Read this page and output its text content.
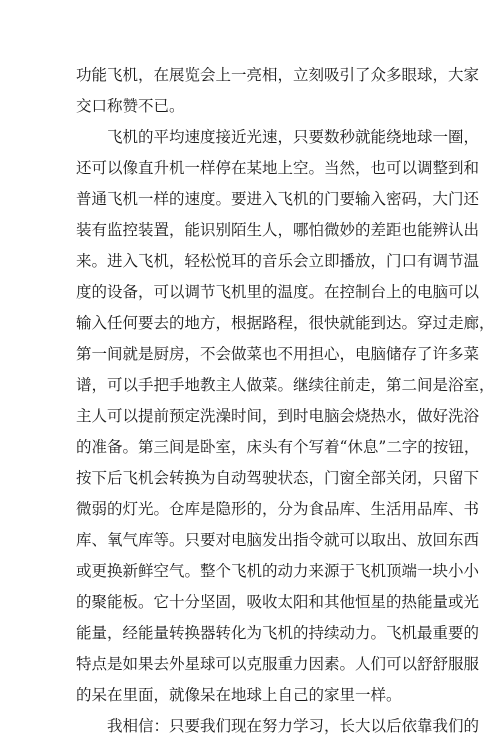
功能飞机，在展览会上一亮相，立刻吸引了众多眼球，大家
交口称赞不已。
飞机的平均速度接近光速，只要数秒就能绕地球一圈，
还可以像直升机一样停在某地上空。当然，也可以调整到和
普通飞机一样的速度。要进入飞机的门要输入密码，大门还
装有监控装置，能识别陌生人，哪怕微妙的差距也能辨认出
来。进入飞机，轻松悦耳的音乐会立即播放，门口有调节温
度的设备，可以调节飞机里的温度。在控制台上的电脑可以
输入任何要去的地方，根据路程，很快就能到达。穿过走廊，
第一间就是厨房，不会做菜也不用担心，电脑储存了许多菜
谱，可以手把手地教主人做菜。继续往前走，第二间是浴室，
主人可以提前预定洗澡时间，到时电脑会烧热水，做好洗浴
的准备。第三间是卧室，床头有个写着“休息”二字的按钮，
按下后飞机会转换为自动驾驶状态，门窗全部关闭，只留下
微弱的灯光。仓库是隐形的，分为食品库、生活用品库、书
库、氧气库等。只要对电脑发出指令就可以取出、放回东西
或更换新鲜空气。整个飞机的动力来源于飞机顶端一块小小
的聚能板。它十分坚固，吸收太阳和其他恒星的热能量或光
能量，经能量转换器转化为飞机的持续动力。飞机最重要的
特点是如果去外星球可以克服重力因素。人们可以舒舒服服
的呆在里面，就像呆在地球上自己的家里一样。
我相信：只要我们现在努力学习，长大以后依靠我们的
